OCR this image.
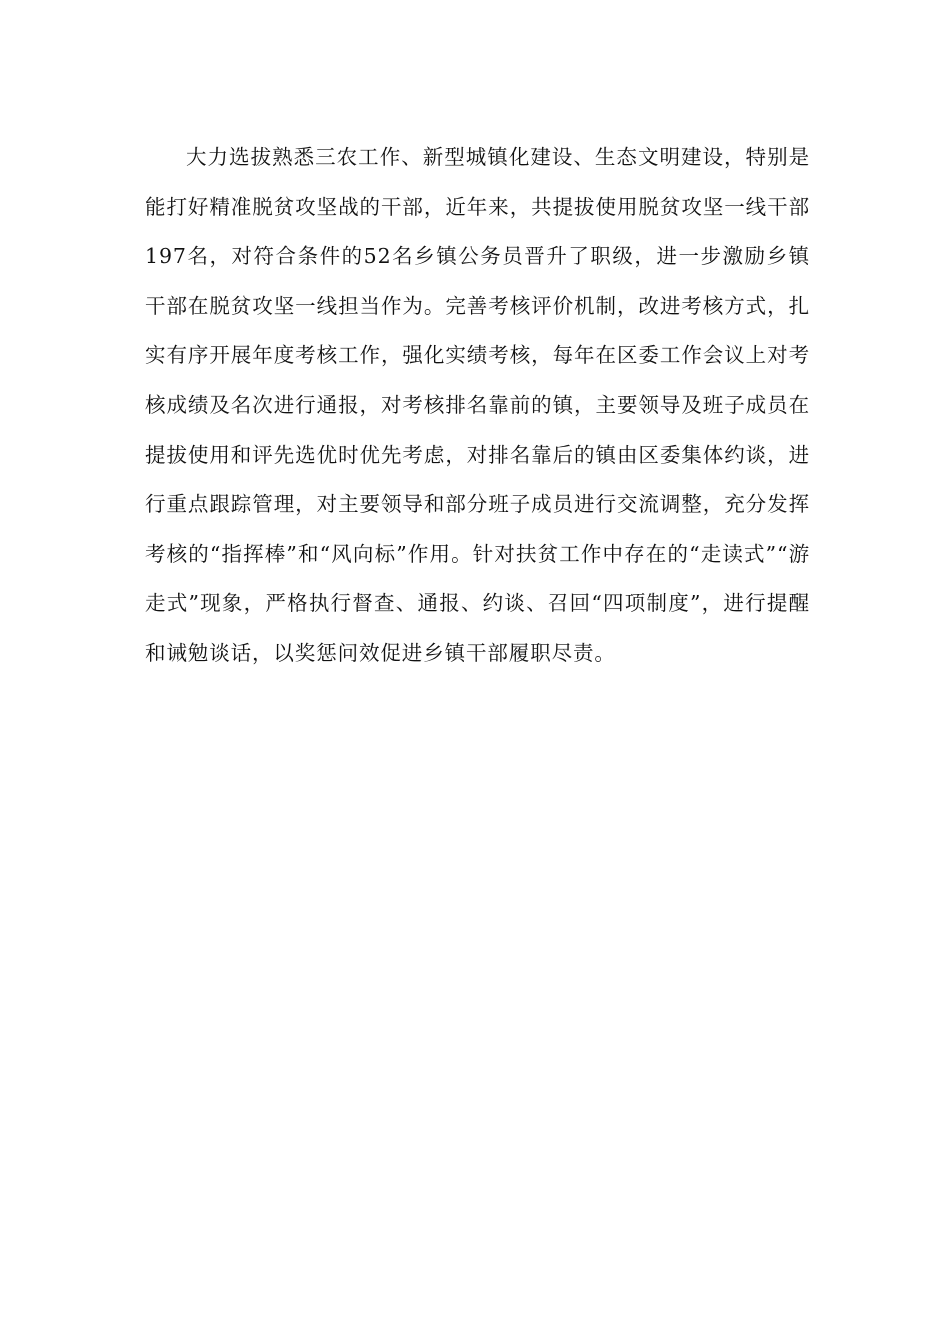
大力选拔熟悉三农工作、新型城镇化建设、生态文明建设，特别是能打好精准脱贫攻坚战的干部，近年来，共提拔使用脱贫攻坚一线干部197名，对符合条件的52名乡镇公务员晋升了职级，进一步激励乡镇干部在脱贫攻坚一线担当作为。完善考核评价机制，改进考核方式，扎实有序开展年度考核工作，强化实绩考核，每年在区委工作会议上对考核成绩及名次进行通报，对考核排名靠前的镇，主要领导及班子成员在提拔使用和评先选优时优先考虑，对排名靠后的镇由区委集体约谈，进行重点跟踪管理，对主要领导和部分班子成员进行交流调整，充分发挥考核的“指挥棒”和“风向标”作用。针对扶贫工作中存在的“走读式”“游走式”现象，严格执行督查、通报、约谈、召回“四项制度”，进行提醒和诫勉谈话，以奖惩问效促进乡镇干部履职尽责。
